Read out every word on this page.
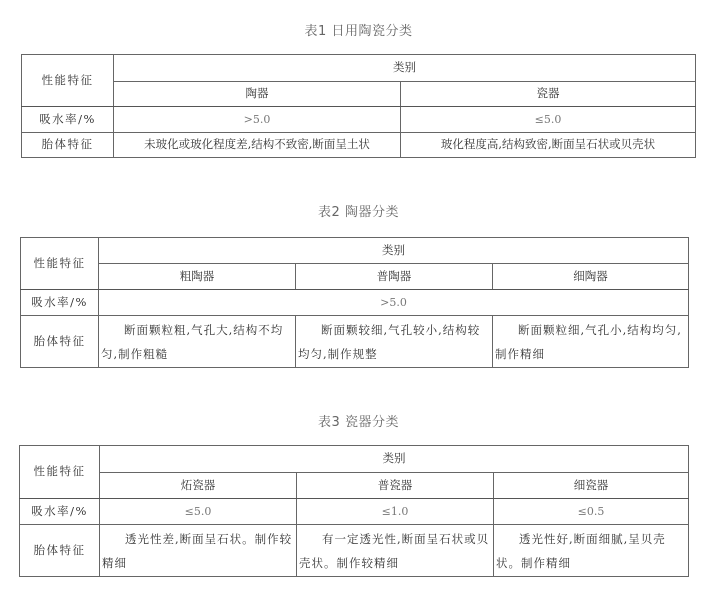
表1 日用陶瓷分类
性能特征	类别	
	陶器	瓷器
吸水率/%	>5.0	≤5.0
胎体特征	未玻化或玻化程度差,结构不致密,断面呈土状	玻化程度高,结构致密,断面呈石状或贝壳状
表2 陶器分类
性能特征	类别		
	粗陶器	普陶器	细陶器
吸水率/%	>5.0		
胎体特征	断面颗粒粗,气孔大,结构不均匀,制作粗糙	断面颗较细,气孔较小,结构较均匀,制作规整	断面颗粒细,气孔小,结构均匀,制作精细
表3 瓷器分类
性能特征	类别		
	炻瓷器	普瓷器	细瓷器
吸水率/%	≤5.0	≤1.0	≤0.5
胎体特征	透光性差,断面呈石状。制作较精细	有一定透光性,断面呈石状或贝壳状。制作较精细	透光性好,断面细腻,呈贝壳状。制作精细
